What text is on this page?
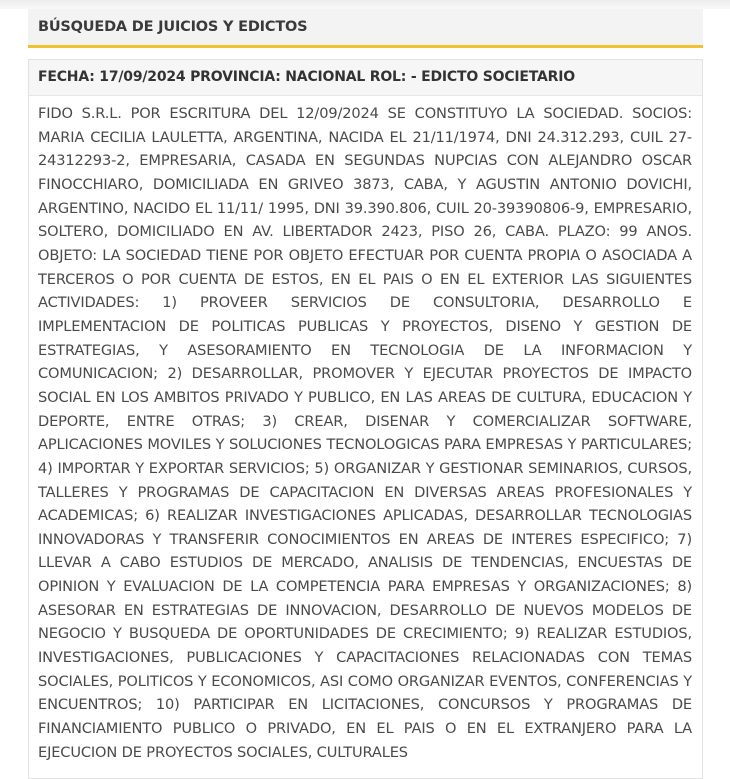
BÚSQUEDA DE JUICIOS Y EDICTOS
FECHA: 17/09/2024 PROVINCIA: NACIONAL ROL: - EDICTO SOCIETARIO
FIDO S.R.L. POR ESCRITURA DEL 12/09/2024 SE CONSTITUYO LA SOCIEDAD. SOCIOS: MARIA CECILIA LAULETTA, ARGENTINA, NACIDA EL 21/11/1974, DNI 24.312.293, CUIL 27-24312293-2, EMPRESARIA, CASADA EN SEGUNDAS NUPCIAS CON ALEJANDRO OSCAR FINOCCHIARO, DOMICILIADA EN GRIVEO 3873, CABA, Y AGUSTIN ANTONIO DOVICHI, ARGENTINO, NACIDO EL 11/11/ 1995, DNI 39.390.806, CUIL 20-39390806-9, EMPRESARIO, SOLTERO, DOMICILIADO EN AV. LIBERTADOR 2423, PISO 26, CABA. PLAZO: 99 ANOS. OBJETO: LA SOCIEDAD TIENE POR OBJETO EFECTUAR POR CUENTA PROPIA O ASOCIADA A TERCEROS O POR CUENTA DE ESTOS, EN EL PAIS O EN EL EXTERIOR LAS SIGUIENTES ACTIVIDADES: 1) PROVEER SERVICIOS DE CONSULTORIA, DESARROLLO E IMPLEMENTACION DE POLITICAS PUBLICAS Y PROYECTOS, DISENO Y GESTION DE ESTRATEGIAS, Y ASESORAMIENTO EN TECNOLOGIA DE LA INFORMACION Y COMUNICACION; 2) DESARROLLAR, PROMOVER Y EJECUTAR PROYECTOS DE IMPACTO SOCIAL EN LOS AMBITOS PRIVADO Y PUBLICO, EN LAS AREAS DE CULTURA, EDUCACION Y DEPORTE, ENTRE OTRAS; 3) CREAR, DISENAR Y COMERCIALIZAR SOFTWARE, APLICACIONES MOVILES Y SOLUCIONES TECNOLOGICAS PARA EMPRESAS Y PARTICULARES; 4) IMPORTAR Y EXPORTAR SERVICIOS; 5) ORGANIZAR Y GESTIONAR SEMINARIOS, CURSOS, TALLERES Y PROGRAMAS DE CAPACITACION EN DIVERSAS AREAS PROFESIONALES Y ACADEMICAS; 6) REALIZAR INVESTIGACIONES APLICADAS, DESARROLLAR TECNOLOGIAS INNOVADORAS Y TRANSFERIR CONOCIMIENTOS EN AREAS DE INTERES ESPECIFICO; 7) LLEVAR A CABO ESTUDIOS DE MERCADO, ANALISIS DE TENDENCIAS, ENCUESTAS DE OPINION Y EVALUACION DE LA COMPETENCIA PARA EMPRESAS Y ORGANIZACIONES; 8) ASESORAR EN ESTRATEGIAS DE INNOVACION, DESARROLLO DE NUEVOS MODELOS DE NEGOCIO Y BUSQUEDA DE OPORTUNIDADES DE CRECIMIENTO; 9) REALIZAR ESTUDIOS, INVESTIGACIONES, PUBLICACIONES Y CAPACITACIONES RELACIONADAS CON TEMAS SOCIALES, POLITICOS Y ECONOMICOS, ASI COMO ORGANIZAR EVENTOS, CONFERENCIAS Y ENCUENTROS; 10) PARTICIPAR EN LICITACIONES, CONCURSOS Y PROGRAMAS DE FINANCIAMIENTO PUBLICO O PRIVADO, EN EL PAIS O EN EL EXTRANJERO PARA LA EJECUCION DE PROYECTOS SOCIALES, CULTURALES
